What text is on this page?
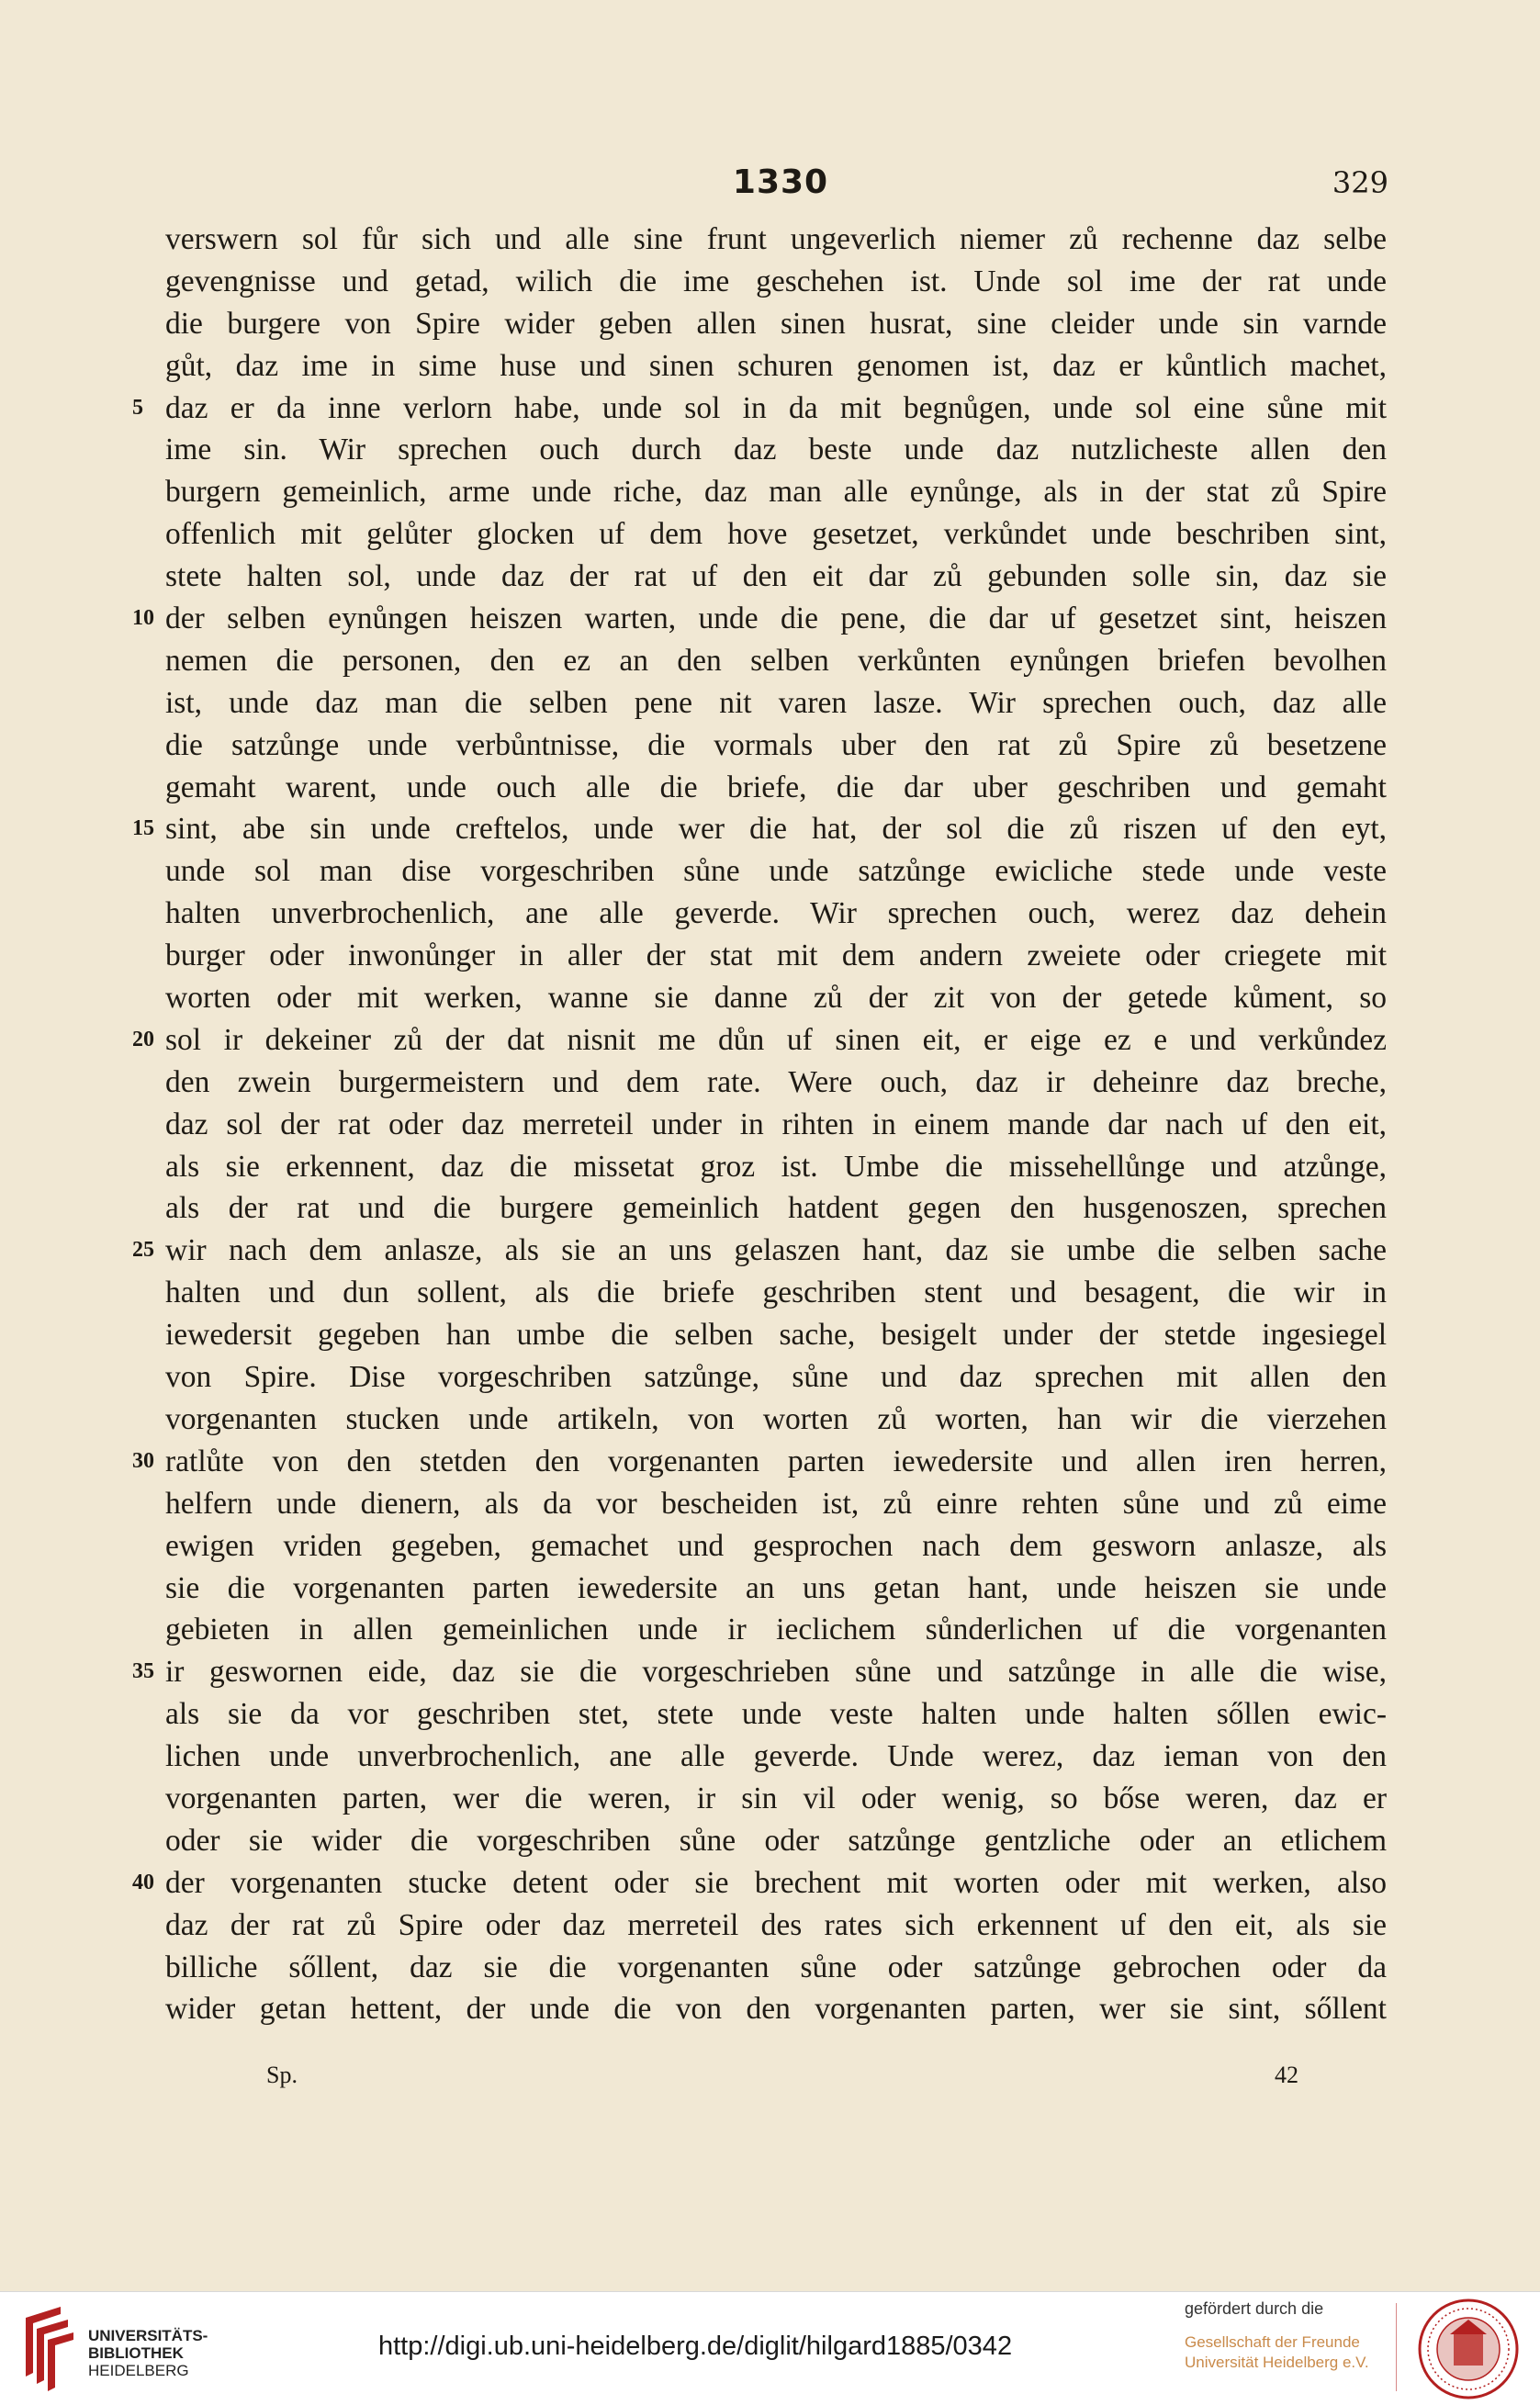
1330	329
verswern sol fůr sich und alle sine frunt ungeverlich niemer zů rechenne daz selbe
gevengnisse und getad, wilich die ime geschehen ist. Unde sol ime der rat unde
die burgere von Spire wider geben allen sinen husrat, sine cleider unde sin varnde
gůt, daz ime in sime huse und sinen schuren genomen ist, daz er kůntlich machet,
5 daz er da inne verlorn habe, unde sol in da mit begnůgen, unde sol eine sůne mit
ime sin. Wir sprechen ouch durch daz beste unde daz nutzlicheste allen den
burgern gemeinlich, arme unde riche, daz man alle eynůnge, als in der stat zů Spire
offenlich mit gelůter glocken uf dem hove gesetzet, verkůndet unde beschriben sint,
stete halten sol, unde daz der rat uf den eit dar zů gebunden solle sin, daz sie
10 der selben eynůngen heiszen warten, unde die pene, die dar uf gesetzet sint, heiszen
nemen die personen, den ez an den selben verkůnten eynůngen briefen bevolhen
ist, unde daz man die selben pene nit varen lasze. Wir sprechen ouch, daz alle
die satzůnge unde verbůntnisse, die vormals uber den rat zů Spire zů besetzene
gemaht warent, unde ouch alle die briefe, die dar uber geschriben und gemaht
15 sint, abe sin unde creftelos, unde wer die hat, der sol die zů riszen uf den eyt,
unde sol man dise vorgeschriben sůne unde satzůnge ewicliche stede unde veste
halten unverbrochenlich, ane alle geverde. Wir sprechen ouch, werez daz dehein
burger oder inwonůnger in aller der stat mit dem andern zweiete oder criegete mit
worten oder mit werken, wanne sie danne zů der zit von der getede kůment, so
20 sol ir dekeiner zů der dat nisnit me důn uf sinen eit, er eige ez e und verkůndez
den zwein burgermeistern und dem rate. Were ouch, daz ir deheinre daz breche,
daz sol der rat oder daz merreteil under in rihten in einem mande dar nach uf den eit,
als sie erkennent, daz die missetat groz ist. Umbe die missehellůnge und atzůnge,
als der rat und die burgere gemeinlich hatdent gegen den husgenoszen, sprechen
25 wir nach dem anlasze, als sie an uns gelaszen hant, daz sie umbe die selben sache
halten und dun sollent, als die briefe geschriben stent und besagent, die wir in
iewedersit gegeben han umbe die selben sache, besigelt under der stetde ingesiegel
von Spire. Dise vorgeschriben satzůnge, sůne und daz sprechen mit allen den
vorgenanten stucken unde artikeln, von worten zů worten, han wir die vierzehen
30 ratlůte von den stetden den vorgenanten parten iewedersite und allen iren herren,
helfern unde dienern, als da vor bescheiden ist, zů einre rehten sůne und zů eime
ewigen vriden gegeben, gemachet und gesprochen nach dem gesworn anlasze, als
sie die vorgenanten parten iewedersite an uns getan hant, unde heiszen sie unde
gebieten in allen gemeinlichen unde ir ieclichem sůnderlichen uf die vorgenanten
35 ir geswornen eide, daz sie die vorgeschrieben sůne und satzůnge in alle die wise,
als sie da vor geschriben stet, stete unde veste halten unde halten sőllen ewic-
lichen unde unverbrochenlich, ane alle geverde. Unde werez, daz ieman von den
vorgenanten parten, wer die weren, ir sin vil oder wenig, so bőse weren, daz er
oder sie wider die vorgeschriben sůne oder satzůnge gentzliche oder an etlichem
40 der vorgenanten stucke detent oder sie brechent mit worten oder mit werken, also
daz der rat zů Spire oder daz merreteil des rates sich erkennent uf den eit, als sie
billiche sőllent, daz sie die vorgenanten sůne oder satzůnge gebrochen oder da
wider getan hettent, der unde die von den vorgenanten parten, wer sie sint, sőllent
Sp.	42
UNIVERSITÄTS-
BIBLIOTHEK
HEIDELBERG
http://digi.ub.uni-heidelberg.de/diglit/hilgard1885/0342
gefördert durch die
Gesellschaft der Freunde
Universität Heidelberg e.V.
